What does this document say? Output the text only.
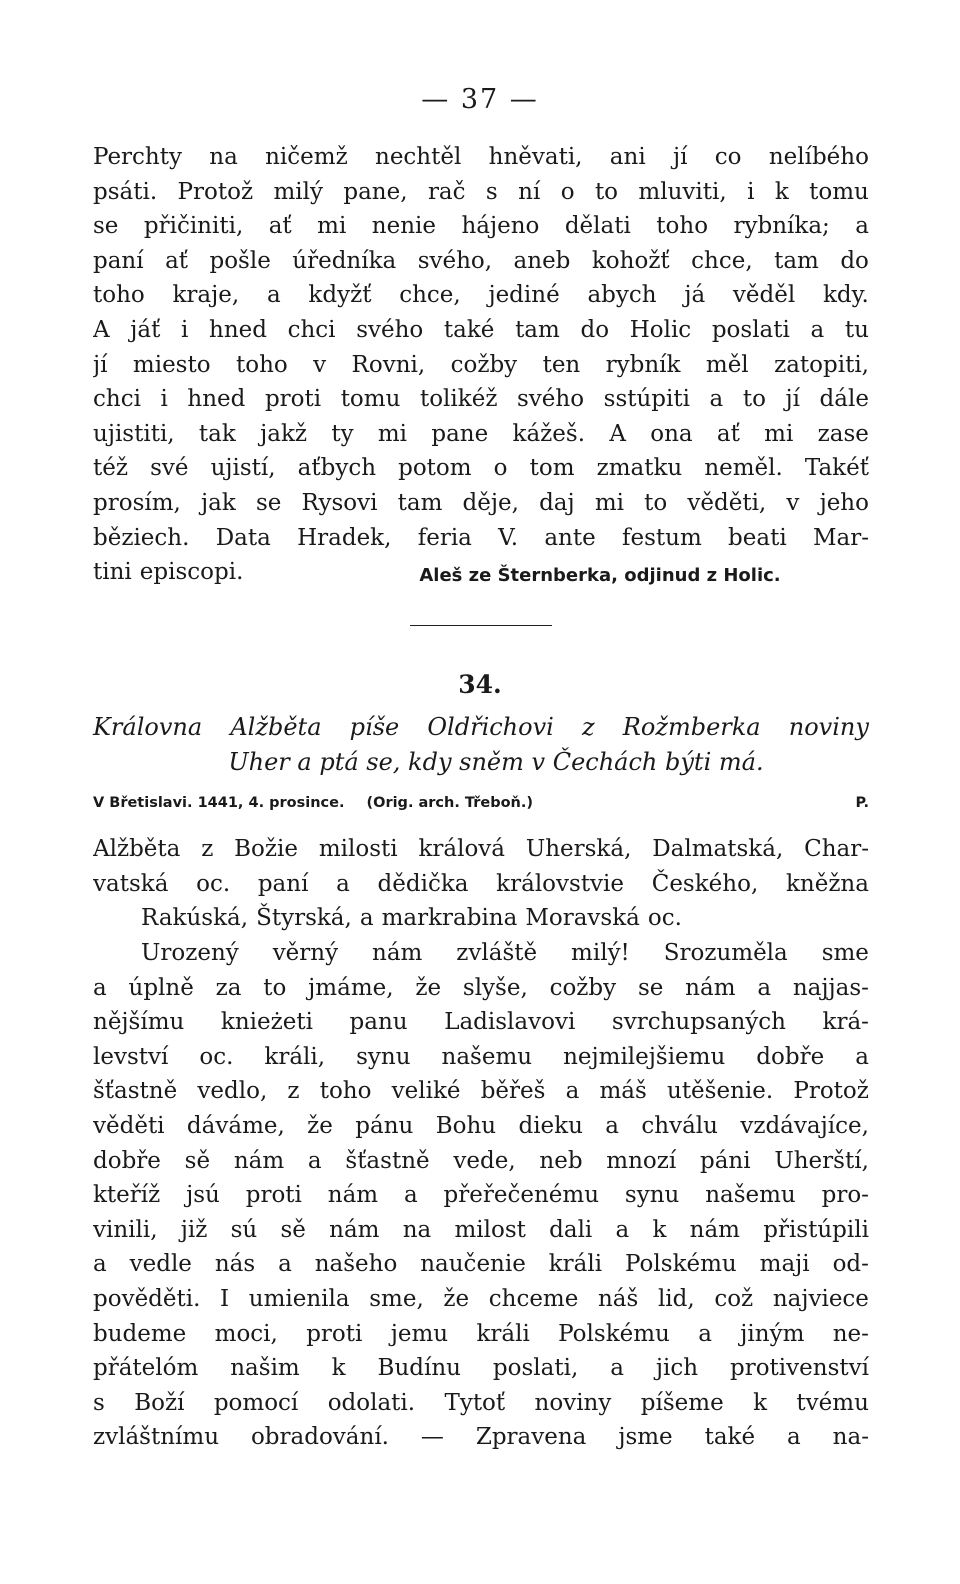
— 37 —
Perchty na ničemž nechtěl hněvati, ani jí co nelíbého
psáti. Protož milý pane, rač s ní o to mluviti, i k tomu
se přičiniti, ať mi nenie hájeno dělati toho rybníka; a
paní ať pošle úředníka svého, aneb kohožť chce, tam do
toho kraje, a kdyžť chce, jediné abych já věděl kdy.
A jáť i hned chci svého také tam do Holic poslati a tu
jí miesto toho v Rovni, cožby ten rybník měl zatopiti,
chci i hned proti tomu tolikéž svého sstúpiti a to jí dále
ujistiti, tak jakž ty mi pane kážeš. A ona ať mi zase
též své ujistí, aťbych potom o tom zmatku neměl. Takéť
prosím, jak se Rysovi tam děje, daj mi to věděti, v jeho
běziech. Data Hradek, feria V. ante festum beati Mar-
tini episcopi.	Aleš ze Šternberka, odjinud z Holic.
34.
Královna Alžběta píše Oldřichovi z Rožmberka noviny
Uher a ptá se, kdy sněm v Čechách býti má.
V Břetislavi. 1441, 4. prosince. (Orig. arch. Třeboň.)	P.
Alžběta z Božie milosti králová Uherská, Dalmatská, Char-
vatská oc. paní a dědička královstvie Českého, kněžna
Rakúská, Štyrská, a markrabina Moravská oc.
Urozený věrný nám zvláště milý! Srozuměla sme
a úplně za to jmáme, že slyše, cožby se nám a najjas-
nějšímu knieżeti panu Ladislavovi svrchupsaných krá-
levství oc. králi, synu našemu nejmilejšiemu dobře a
šťastně vedlo, z toho veliké běřeš a máš utěšenie. Protož
věděti dáváme, že pánu Bohu dieku a chválu vzdávajíce,
dobře sě nám a šťastně vede, neb mnozí páni Uherští,
kteříž jsú proti nám a přeřečenému synu našemu pro-
vinili, již sú sě nám na milost dali a k nám přistúpili
a vedle nás a našeho naučenie králi Polskému maji od-
pověděti. I umienila sme, že chceme náš lid, což najviece
budeme moci, proti jemu králi Polskému a jiným ne-
přátelóm našim k Budínu poslati, a jich protivenství
s Boží pomocí odolati. Tytoť noviny píšeme k tvému
zvláštnímu obradování. — Zpravena jsme také a na-
